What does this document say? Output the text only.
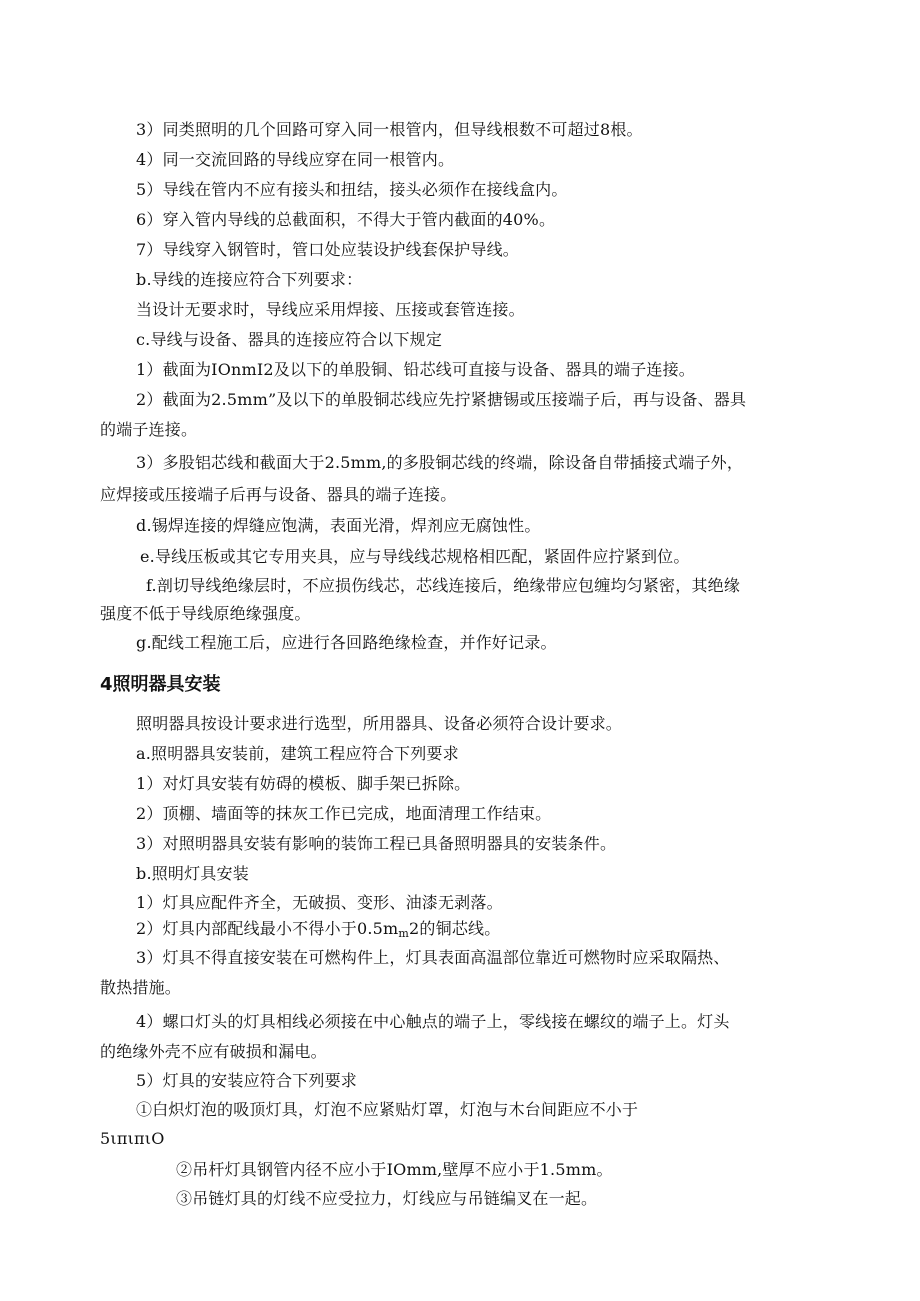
3）同类照明的几个回路可穿入同一根管内，但导线根数不可超过8根。
4）同一交流回路的导线应穿在同一根管内。
5）导线在管内不应有接头和扭结，接头必须作在接线盒内。
6）穿入管内导线的总截面积，不得大于管内截面的40%。
7）导线穿入钢管时，管口处应装设护线套保护导线。
b.导线的连接应符合下列要求：
当设计无要求时，导线应采用焊接、压接或套管连接。
c.导线与设备、器具的连接应符合以下规定
1）截面为IOnmI2及以下的单股铜、铅芯线可直接与设备、器具的端子连接。
2）截面为2.5mm”及以下的单股铜芯线应先拧紧搪锡或压接端子后，再与设备、器具
的端子连接。
3）多股铝芯线和截面大于2.5mm,的多股铜芯线的终端，除设备自带插接式端子外，
应焊接或压接端子后再与设备、器具的端子连接。
d.锡焊连接的焊缝应饱满，表面光滑，焊剂应无腐蚀性。
e.导线压板或其它专用夹具，应与导线线芯规格相匹配，紧固件应拧紧到位。
f.剖切导线绝缘层时，不应损伤线芯，芯线连接后，绝缘带应包缠均匀紧密，其绝缘
强度不低于导线原绝缘强度。
g.配线工程施工后，应进行各回路绝缘检查，并作好记录。
4照明器具安装
照明器具按设计要求进行选型，所用器具、设备必须符合设计要求。
a.照明器具安装前，建筑工程应符合下列要求
1）对灯具安装有妨碍的模板、脚手架已拆除。
2）顶棚、墙面等的抹灰工作已完成，地面清理工作结束。
3）对照明器具安装有影响的装饰工程已具备照明器具的安装条件。
b.照明灯具安装
1）灯具应配件齐全，无破损、变形、油漆无剥落。
2）灯具内部配线最小不得小于0.5mm2的铜芯线。
3）灯具不得直接安装在可燃构件上，灯具表面高温部位靠近可燃物时应采取隔热、
散热措施。
4）螺口灯头的灯具相线必须接在中心触点的端子上，零线接在螺纹的端子上。灯头
的绝缘外壳不应有破损和漏电。
5）灯具的安装应符合下列要求
①白炽灯泡的吸顶灯具，灯泡不应紧贴灯罩，灯泡与木台间距应不小于
5ιπιπιO
②吊杆灯具钢管内径不应小于IOmm,壁厚不应小于1.5mm。
③吊链灯具的灯线不应受拉力，灯线应与吊链编叉在一起。
